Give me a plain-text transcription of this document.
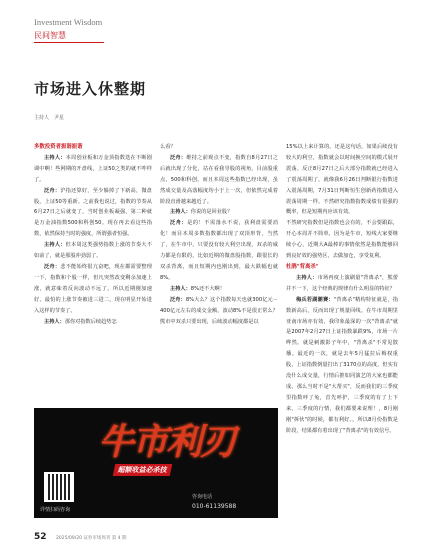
Investment Wisdom
民间智慧
市场进入休整期
主持人　尹星

多数投资者振谐振谐

主持人：本周创业板和万金顶指数迭在不断剧调中啊！些网期的开盘线，上证50之类的就不咋样了。

泛舟：沪指还算好，至少躲掉了下新高，微盘股，上证50等重新。之前我也说过，指数的节奏从6月27日之后就变了，当时创业板凝强，第二种就是万金油指数500和科创50。现在再去看这些指数，依然保持当时的强度，所谓强者恒强。

主持人：但本周这类强势指数上涨的节奏大不如前了，就是那股冲劲弱了。

泛舟：悲不能始终很亢奋吧，现在都需要整理一下，指数和个股一样，但凡突然改变剩余加速上涨，就意味着反向波动不远了。所以近期刚加速好，最怕的上涨节奏被进三进二，现在明显开始进入这样的节奏了。

主持人：那你对指数后续趋势怎

么看？

泛舟：维持之前观点不变，指数自8月27日之后就出现了分化，站在看我导股的视角，目前股重点，500和科创。而且本周这些指数已经出现，虽然成交量及高落幅度均小于上一次，但依然完成着阶段直滑越来越近了。

主持人：你说的是回业股？

泛舟：是的！不需落水不说，获利盘需要消化！而目本周多数指数都出现了双顶形背，当然了，在牛市中，只要没有较大利空出现，双杀的威力都是有限的，比如近期的微盘股指数，跟很长的双杀背离，而且短期内也刚出到，最大跌幅也就8%。

主持人：8%还不大啊！

泛舟：8%大么？这个指数每天也就300亿元－400亿元左右的成交金额，波动8%不是很正常么？熊市中双杀只要出现，后续波动幅度都是以

15%以上来计算的。还是这句话，如果后续没有较大的利空，指数就会以时间换空间的模式展开震荡。反正8月27日之后大部分指数就已经进入了震荡周期了，就像我6月26日判断银行指数进入震荡周期，7月31日判断恒生创新药指数进入震荡周期一样。不然研究指数指数成绩有很强的概率，但是短期内应该有效。

不然研究指数但是指数也会有的，不会要跟踪，开心本周并不简单，因为是牛市，短线大家要继续小心，近期大A最棒的事情依然是指数能够回到良好效的强势区，去做加仓，享受复利。

杜鹃"背离杀"

主持人：市场再度上演刷量"背离杀"，熊蕾并不一下，这个经典的规律有什么明显的特征？

梅兵若湖潮赛："背离杀"精构特征就是，指数新高后，反而出现了规量回线。在牛市周期里亚南市场亦有效，我印象最深的一次"背离杀"就是2007年2月27日上证指数暴跌9%，市场一片哗然。就是刺激影子年中，"背离杀"不常见散播。最近的一次，就是去年5月猛拉后梅权重股，上证指数倒量打出了3170点的高度，但实有没什么成交量，行情后推如同演艺的大家也都能成。那么当时不是"大帮买"，反而我们的三季度里指数呼了兔，首先呼护，三季度的有了上下来，三季度的行情，我们都要来说理！，8月刚刚"拆伙"的时候，都有利好。，所以8月份指数是阶段，结果都有着出现了"背离杀"的有效信号。

牛市利刃
超额收益必杀技
详情扫码咨询
咨询电话
010-61139588
52 2025/09/20 证券市场周刊 第 4 期
